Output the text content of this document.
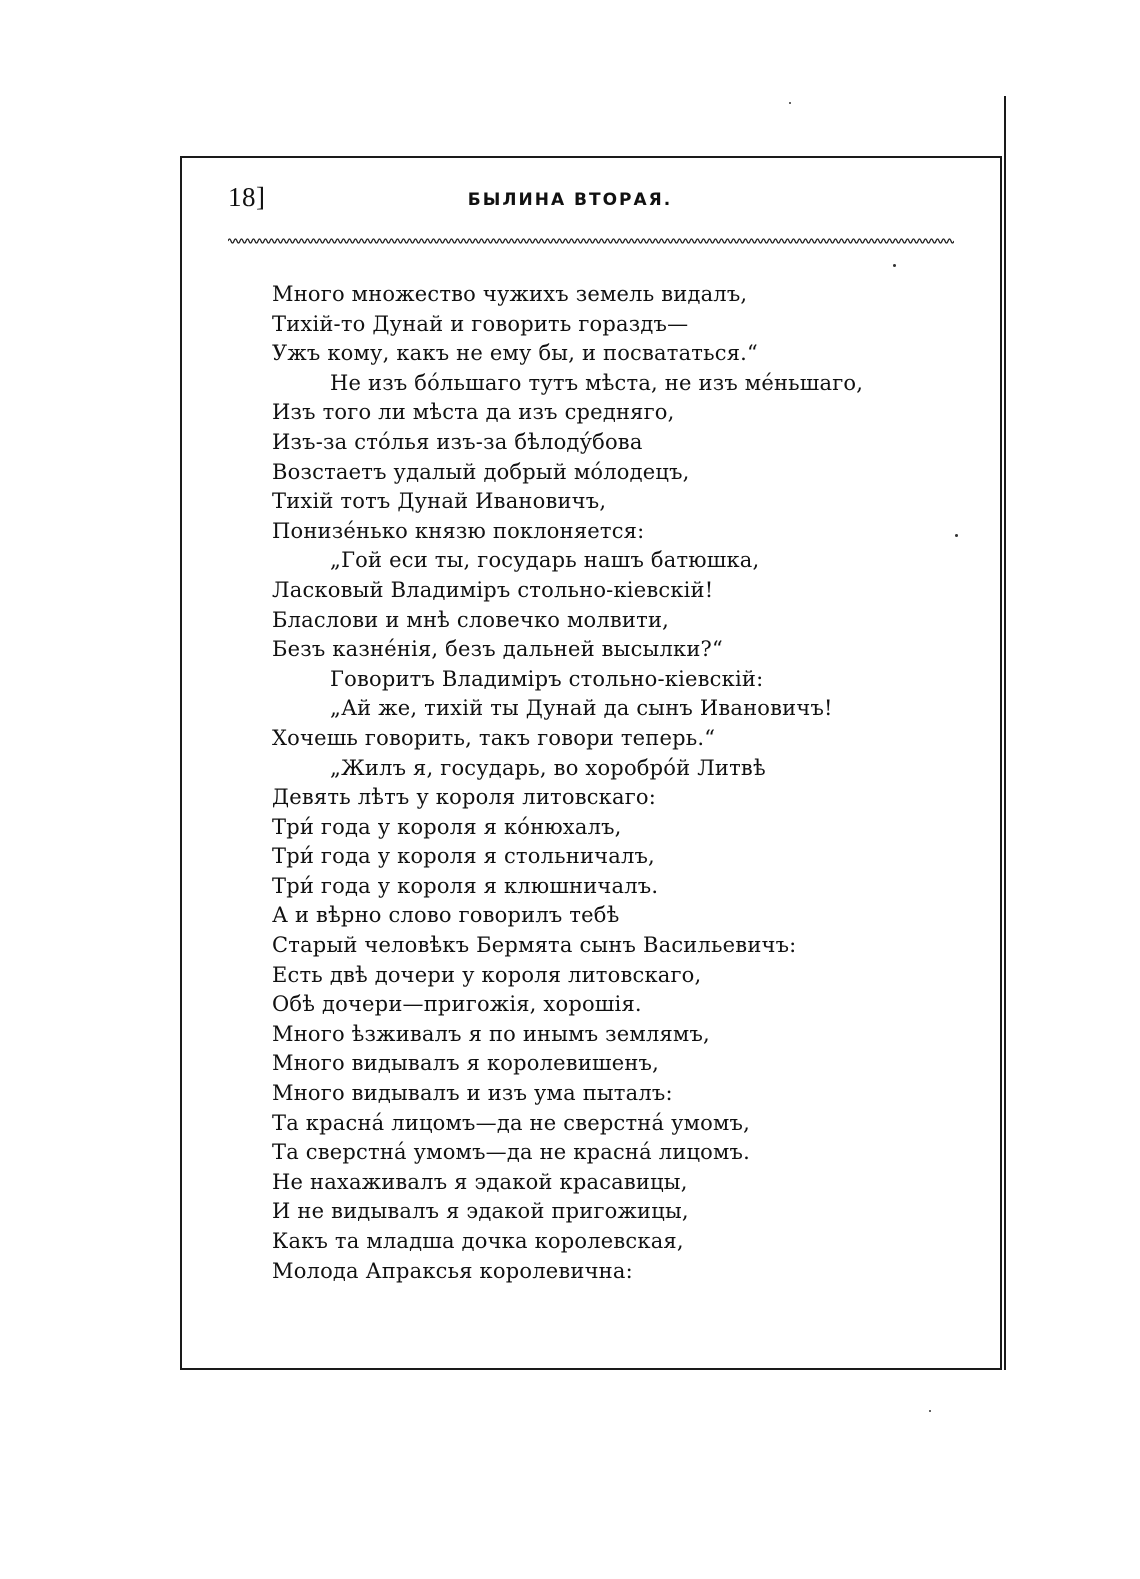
18]	БЫЛИНА ВТОРАЯ.
Много множество чужихъ земель видалъ,
Тихій-то Дунай и говорить гораздъ—
Ужъ кому, какъ не ему бы, и посвататься.“
Не изъ бо́льшаго тутъ мѣста, не изъ ме́ньшаго,
Изъ того ли мѣста да изъ средняго,
Изъ-за сто́лья изъ-за бѣлоду́бова
Возстаетъ удалый добрый мо́лодецъ,
Тихій тотъ Дунай Ивановичъ,
Понизе́нько князю поклоняется:
„Гой еси ты, государь нашъ батюшка,
Ласковый Владиміръ стольно-кіевскій!
Бласлови и мнѣ словечко молвити,
Безъ казне́нія, безъ дальней высылки?“
Говоритъ Владиміръ стольно-кіевскій:
„Ай же, тихій ты Дунай да сынъ Ивановичъ!
Хочешь говорить, такъ говори теперь.“
„Жилъ я, государь, во хоробро́й Литвѣ
Девять лѣтъ у короля литовскаго:
Три́ года у короля я ко́нюхалъ,
Три́ года у короля я стольничалъ,
Три́ года у короля я клюшничалъ.
А и вѣрно слово говорилъ тебѣ
Старый человѣкъ Бермята сынъ Васильевичъ:
Есть двѣ дочери у короля литовскаго,
Обѣ дочери—пригожія, хорошія.
Много ѣзживалъ я по инымъ землямъ,
Много видывалъ я королевишенъ,
Много видывалъ и изъ ума пыталъ:
Та красна́ лицомъ—да не сверстна́ умомъ,
Та сверстна́ умомъ—да не красна́ лицомъ.
Не нахаживалъ я эдакой красавицы,
И не видывалъ я эдакой пригожицы,
Какъ та младша дочка королевская,
Молода Апраксья королевична:
